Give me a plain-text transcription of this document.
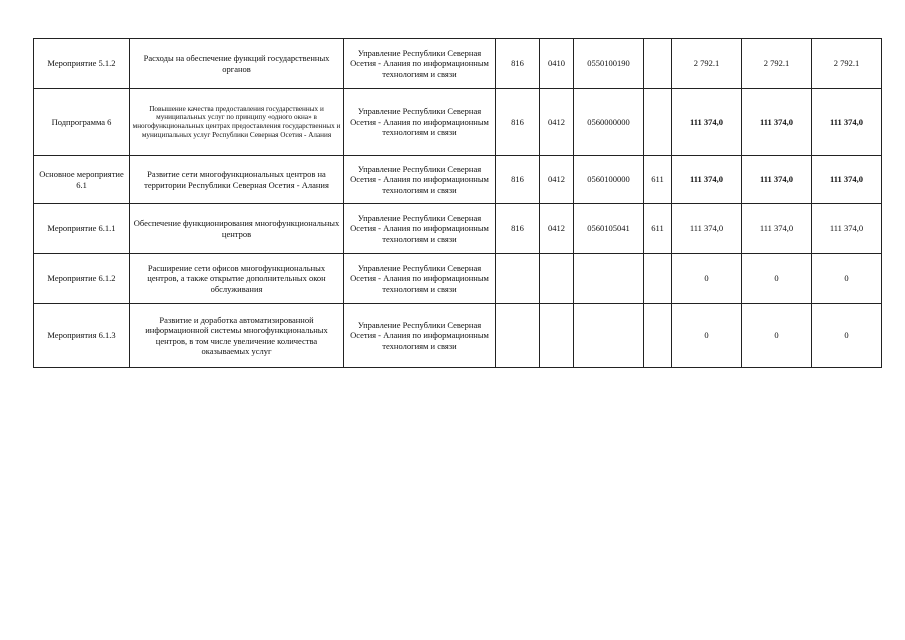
Мероприятие 5.1.2	Расходы на обеспечение функций государственных органов	Управление Республики Северная Осетия - Алания по информационным технологиям и связи	816	0410	0550100190		2 792.1	2 792.1	2 792.1
Подпрограмма 6	Повышение качества предоставления государственных и муниципальных услуг по принципу «одного окна» в многофункциональных центрах предоставления государственных и муниципальных услуг Республики Северная Осетия - Алания	Управление Республики Северная Осетия - Алания по информационным технологиям и связи	816	0412	0560000000		111 374,0	111 374,0	111 374,0
Основное мероприятие 6.1	Развитие сети многофункциональных центров на территории Республики Северная Осетия - Алания	Управление Республики Северная Осетия - Алания по информационным технологиям и связи	816	0412	0560100000	611	111 374,0	111 374,0	111 374,0
Мероприятие 6.1.1	Обеспечение функционирования многофункциональных центров	Управление Республики Северная Осетия - Алания по информационным технологиям и связи	816	0412	0560105041	611	111 374,0	111 374,0	111 374,0
Мероприятие 6.1.2	Расширение сети офисов многофункциональных центров, а также открытие дополнительных окон обслуживания	Управление Республики Северная Осетия - Алания по информационным технологиям и связи					0	0	0
Мероприятия 6.1.3	Развитие и доработка автоматизированной информационной системы многофункциональных центров, в том числе увеличение количества оказываемых услуг	Управление Республики Северная Осетия - Алания по информационным технологиям и связи					0	0	0
